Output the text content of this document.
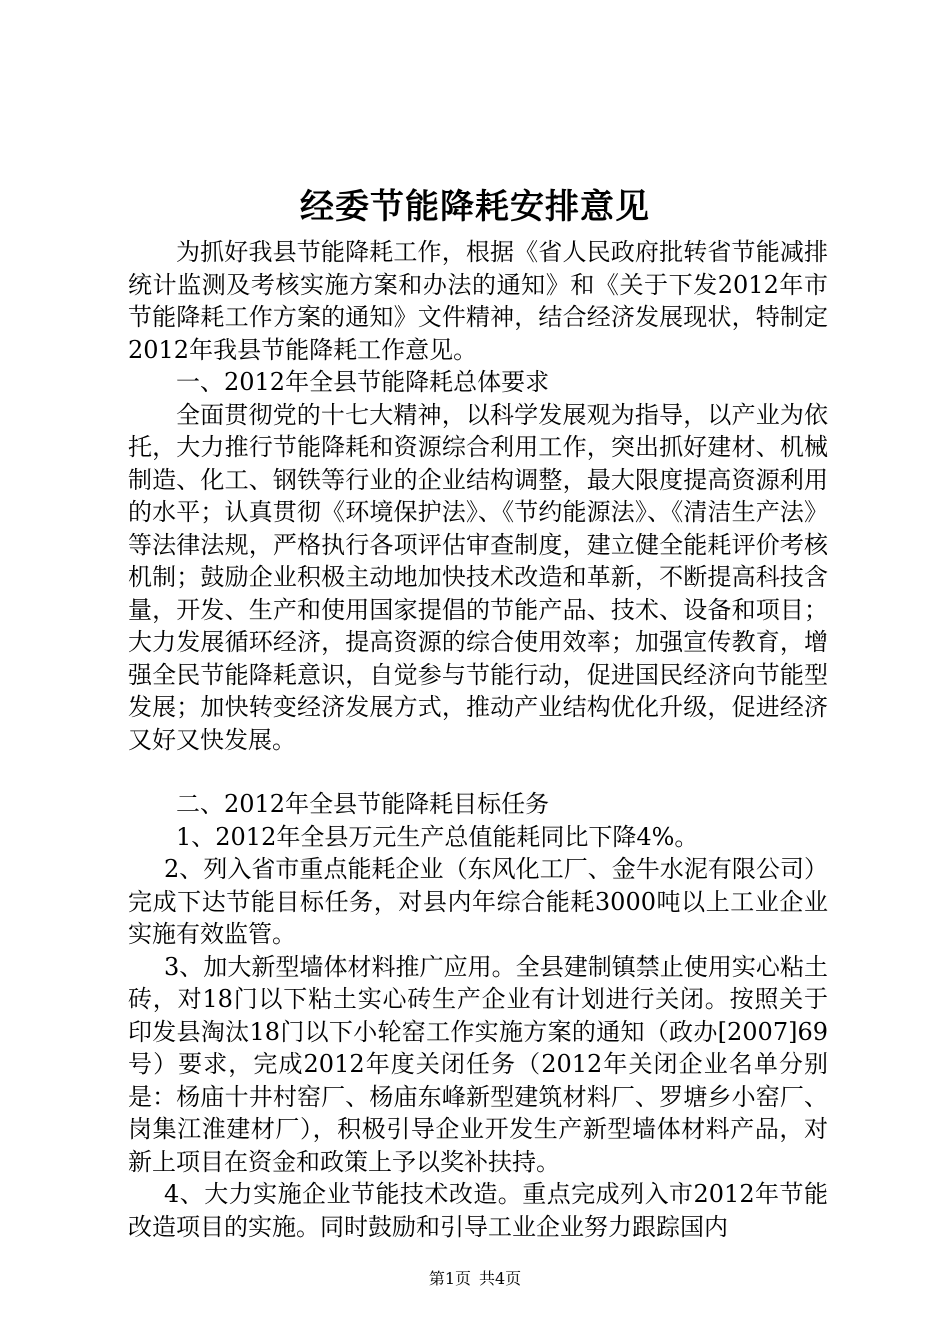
经委节能降耗安排意见

为抓好我县节能降耗工作，根据《省人民政府批转省节能减排统计监测及考核实施方案和办法的通知》和《关于下发2012年市节能降耗工作方案的通知》文件精神，结合经济发展现状，特制定2012年我县节能降耗工作意见。

一、2012年全县节能降耗总体要求

全面贯彻党的十七大精神，以科学发展观为指导，以产业为依托，大力推行节能降耗和资源综合利用工作，突出抓好建材、机械制造、化工、钢铁等行业的企业结构调整，最大限度提高资源利用的水平；认真贯彻《环境保护法》、《节约能源法》、《清洁生产法》等法律法规，严格执行各项评估审查制度，建立健全能耗评价考核机制；鼓励企业积极主动地加快技术改造和革新，不断提高科技含量，开发、生产和使用国家提倡的节能产品、技术、设备和项目；大力发展循环经济，提高资源的综合使用效率；加强宣传教育，增强全民节能降耗意识，自觉参与节能行动，促进国民经济向节能型发展；加快转变经济发展方式，推动产业结构优化升级，促进经济又好又快发展。

二、2012年全县节能降耗目标任务

1、2012年全县万元生产总值能耗同比下降4%。

2、列入省市重点能耗企业（东风化工厂、金牛水泥有限公司）完成下达节能目标任务，对县内年综合能耗3000吨以上工业企业实施有效监管。

3、加大新型墙体材料推广应用。全县建制镇禁止使用实心粘土砖，对18门以下粘土实心砖生产企业有计划进行关闭。按照关于印发县淘汰18门以下小轮窑工作实施方案的通知（政办[2007]69号）要求，完成2012年度关闭任务（2012年关闭企业名单分别是：杨庙十井村窑厂、杨庙东峰新型建筑材料厂、罗塘乡小窑厂、岗集江淮建材厂），积极引导企业开发生产新型墙体材料产品，对新上项目在资金和政策上予以奖补扶持。

4、大力实施企业节能技术改造。重点完成列入市2012年节能改造项目的实施。同时鼓励和引导工业企业努力跟踪国内

第1页 共4页
